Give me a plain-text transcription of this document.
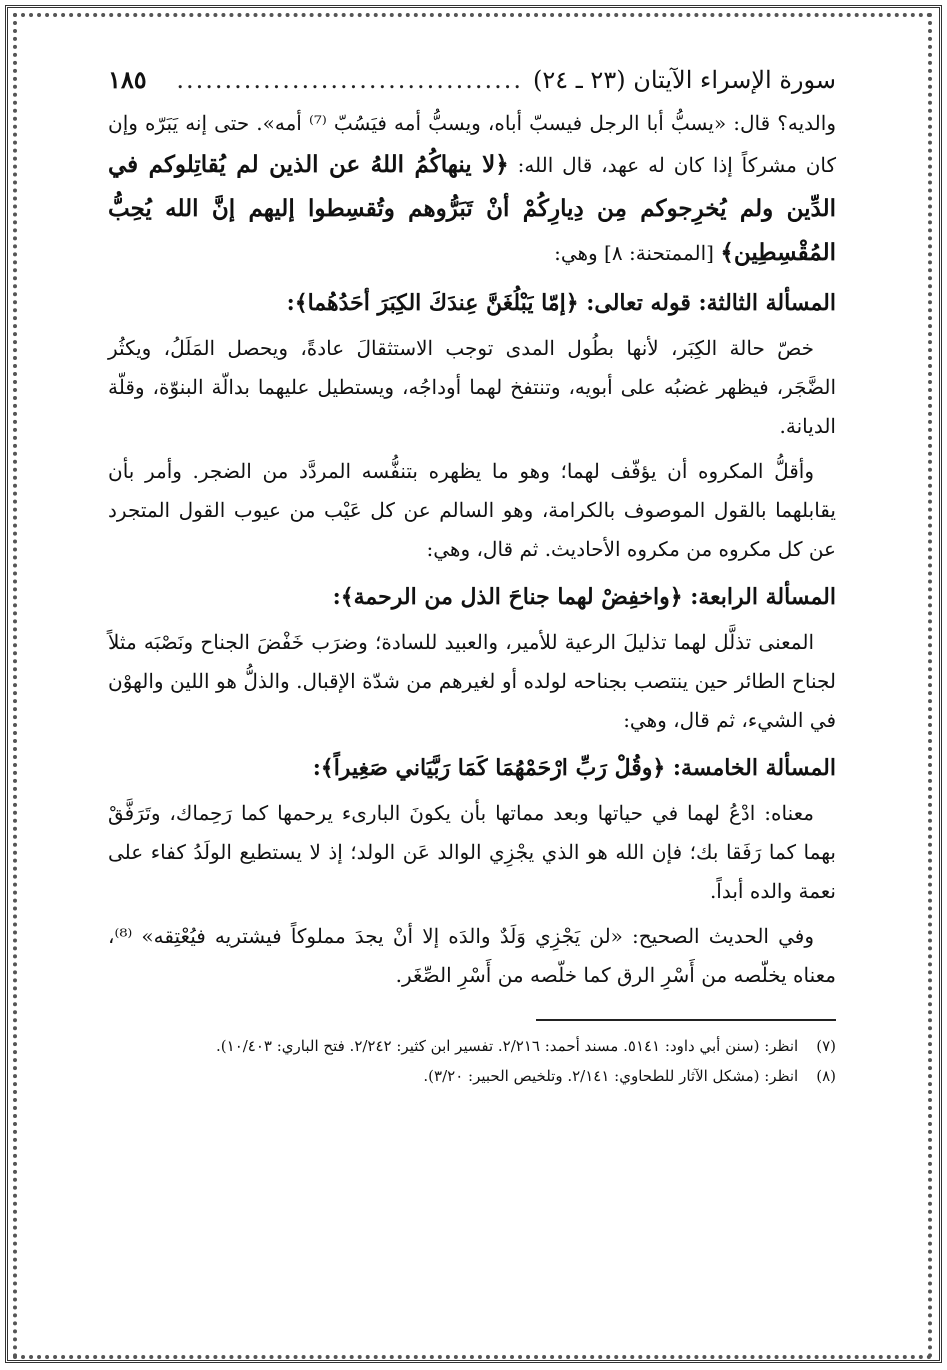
سورة الإسراء الآيتان (٢٣ ـ ٢٤)
....................................
١٨٥

والديه؟ قال: «يسبُّ أبا الرجل فيسبّ أباه، ويسبُّ أمه فيَسُبّ ⁽⁷⁾ أمه». حتى إنه يَبَرّه وإن كان مشركاً إذا كان له عهد، قال الله: ﴿لا ينهاكُمُ اللهُ عن الذين لم يُقاتِلوكم في الدِّين ولم يُخرِجوكم مِن دِيارِكُمْ أنْ تَبَرُّوهم وتُقسِطوا إليهم إنَّ الله يُحِبُّ المُقْسِطِين﴾ [الممتحنة: ٨] وهي:

المسألة الثالثة: قوله تعالى: ﴿إمّا يَبْلُغَنَّ عِندَكَ الكِبَرَ أحَدُهُما﴾:

خصّ حالة الكِبَر، لأنها بطُول المدى توجب الاستثقالَ عادةً، ويحصل المَلَلُ، ويكثُر الضَّجَر، فيظهر غضبُه على أبويه، وتنتفخ لهما أوداجُه، ويستطيل عليهما بدالّة البنوّة، وقلّة الديانة.

وأقلُّ المكروه أن يؤفّف لهما؛ وهو ما يظهره بتنفُّسه المردَّد من الضجر. وأمر بأن يقابلهما بالقول الموصوف بالكرامة، وهو السالم عن كل عَيْب من عيوب القول المتجرد عن كل مكروه من مكروه الأحاديث. ثم قال، وهي:

المسألة الرابعة: ﴿واخفِضْ لهما جناحَ الذل من الرحمة﴾:

المعنى تذلَّل لهما تذليلَ الرعية للأمير، والعبيد للسادة؛ وضرَب خَفْضَ الجناح ونَصْبَه مثلاً لجناح الطائر حين ينتصب بجناحه لولده أو لغيرهم من شدّة الإقبال. والذلُّ هو اللين والهوْن في الشيء، ثم قال، وهي:

المسألة الخامسة: ﴿وقُلْ رَبِّ ارْحَمْهُمَا كَمَا رَبَّيَاني صَغِيراً﴾:

معناه: ادْعُ لهما في حياتها وبعد مماتها بأن يكونَ البارىء يرحمها كما رَحِماك، وتَرَفَّقْ بهما كما رَفَقا بك؛ فإن الله هو الذي يجْزِي الوالد عَن الولد؛ إذ لا يستطيع الولَدُ كفاء على نعمة والده أبداً.

وفي الحديث الصحيح: «لن يَجْزِي وَلَدٌ والدَه إلا أنْ يجدَ مملوكاً فيشتريه فيُعْتِقه» ⁽⁸⁾، معناه يخلّصه من أَسْرِ الرق كما خلّصه من أَسْرِ الصِّغَر.

(٧)
انظر: (سنن أبي داود: ٥١٤١. مسند أحمد: ٢/٢١٦. تفسير ابن كثير: ٢/٢٤٢. فتح الباري: ١٠/٤٠٣).
(٨)
انظر: (مشكل الآثار للطحاوي: ٢/١٤١. وتلخيص الحبير: ٣/٢٠).
